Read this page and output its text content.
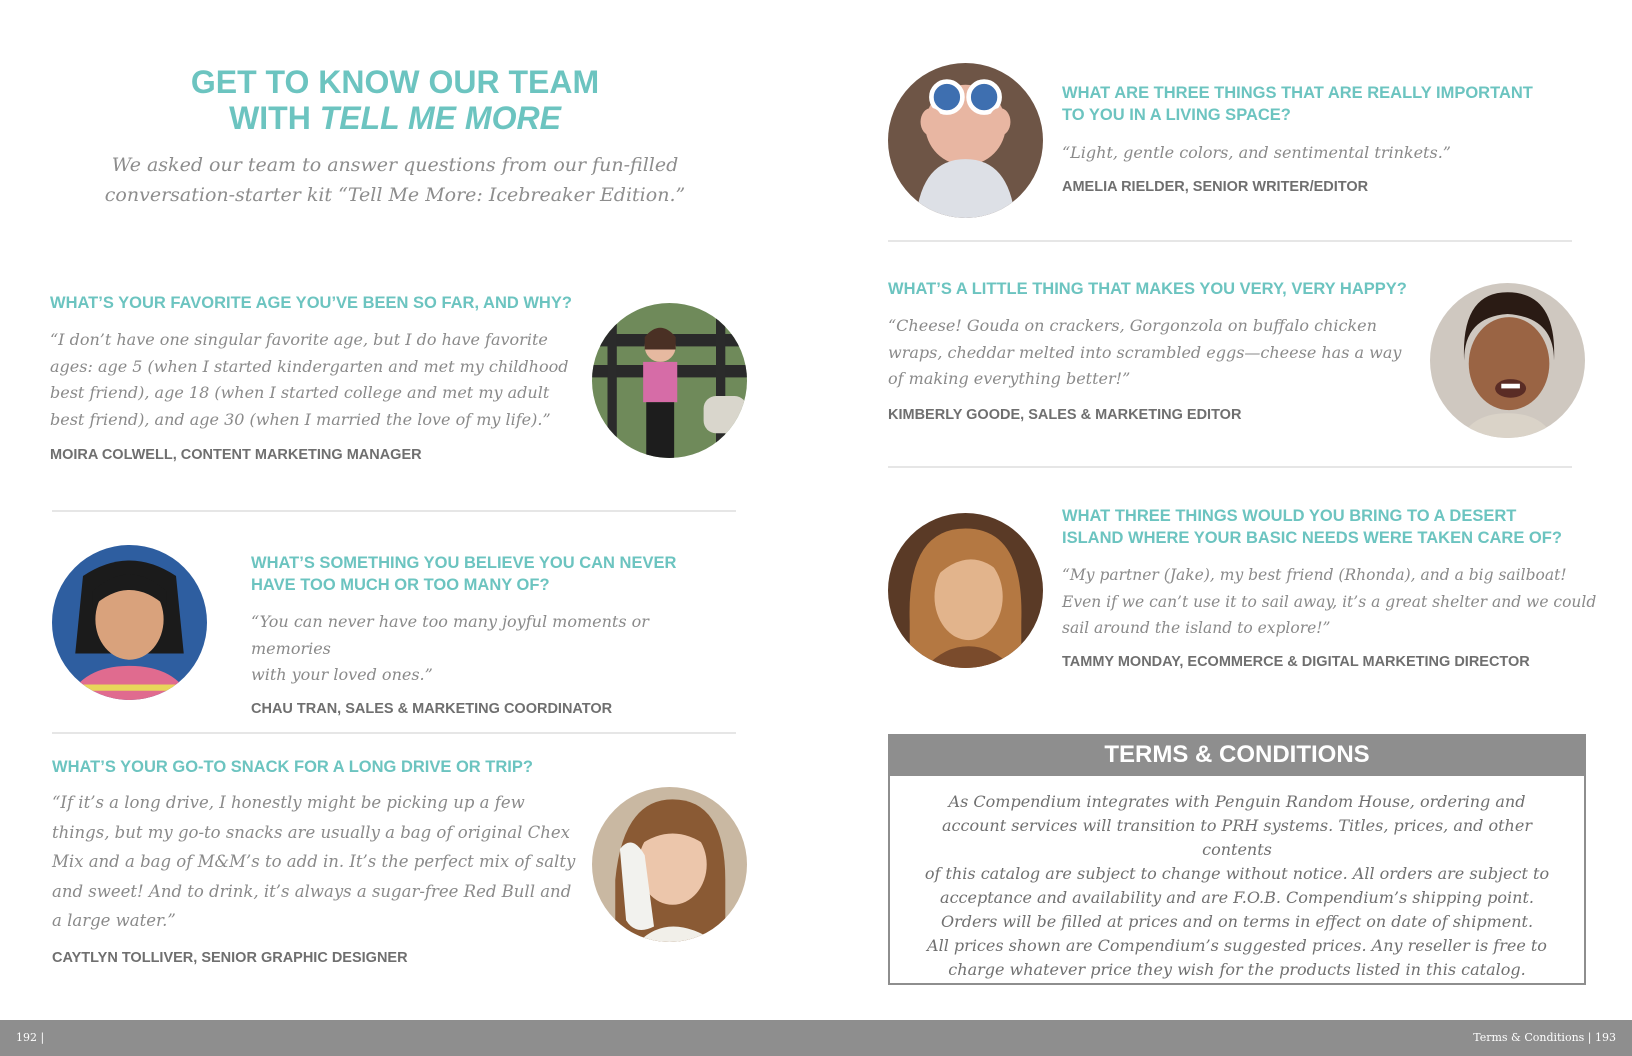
GET TO KNOW OUR TEAM
WITH TELL ME MORE

We asked our team to answer questions from our fun-filled
conversation-starter kit “Tell Me More: Icebreaker Edition.”

WHAT’S YOUR FAVORITE AGE YOU’VE BEEN SO FAR, AND WHY?

“I don’t have one singular favorite age, but I do have favorite
ages: age 5 (when I started kindergarten and met my childhood
best friend), age 18 (when I started college and met my adult
best friend), and age 30 (when I married the love of my life).”

MOIRA COLWELL, CONTENT MARKETING MANAGER

WHAT’S SOMETHING YOU BELIEVE YOU CAN NEVER
HAVE TOO MUCH OR TOO MANY OF?

“You can never have too many joyful moments or memories
with your loved ones.”

CHAU TRAN, SALES & MARKETING COORDINATOR

WHAT’S YOUR GO-TO SNACK FOR A LONG DRIVE OR TRIP?

“If it’s a long drive, I honestly might be picking up a few
things, but my go-to snacks are usually a bag of original Chex
Mix and a bag of M&M’s to add in. It’s the perfect mix of salty
and sweet! And to drink, it’s always a sugar-free Red Bull and
a large water.”

CAYTLYN TOLLIVER, SENIOR GRAPHIC DESIGNER

WHAT ARE THREE THINGS THAT ARE REALLY IMPORTANT
TO YOU IN A LIVING SPACE?

“Light, gentle colors, and sentimental trinkets.”

AMELIA RIELDER, SENIOR WRITER/EDITOR

WHAT’S A LITTLE THING THAT MAKES YOU VERY, VERY HAPPY?

“Cheese! Gouda on crackers, Gorgonzola on buffalo chicken
wraps, cheddar melted into scrambled eggs—cheese has a way
of making everything better!”

KIMBERLY GOODE, SALES & MARKETING EDITOR

WHAT THREE THINGS WOULD YOU BRING TO A DESERT
ISLAND WHERE YOUR BASIC NEEDS WERE TAKEN CARE OF?

“My partner (Jake), my best friend (Rhonda), and a big sailboat!
Even if we can’t use it to sail away, it’s a great shelter and we could
sail around the island to explore!”

TAMMY MONDAY, ECOMMERCE & DIGITAL MARKETING DIRECTOR

TERMS & CONDITIONS

As Compendium integrates with Penguin Random House, ordering and
account services will transition to PRH systems. Titles, prices, and other contents
of this catalog are subject to change without notice. All orders are subject to
acceptance and availability and are F.O.B. Compendium’s shipping point.
Orders will be filled at prices and on terms in effect on date of shipment.
All prices shown are Compendium’s suggested prices. Any reseller is free to
charge whatever price they wish for the products listed in this catalog.

192 |	Terms & Conditions | 193
